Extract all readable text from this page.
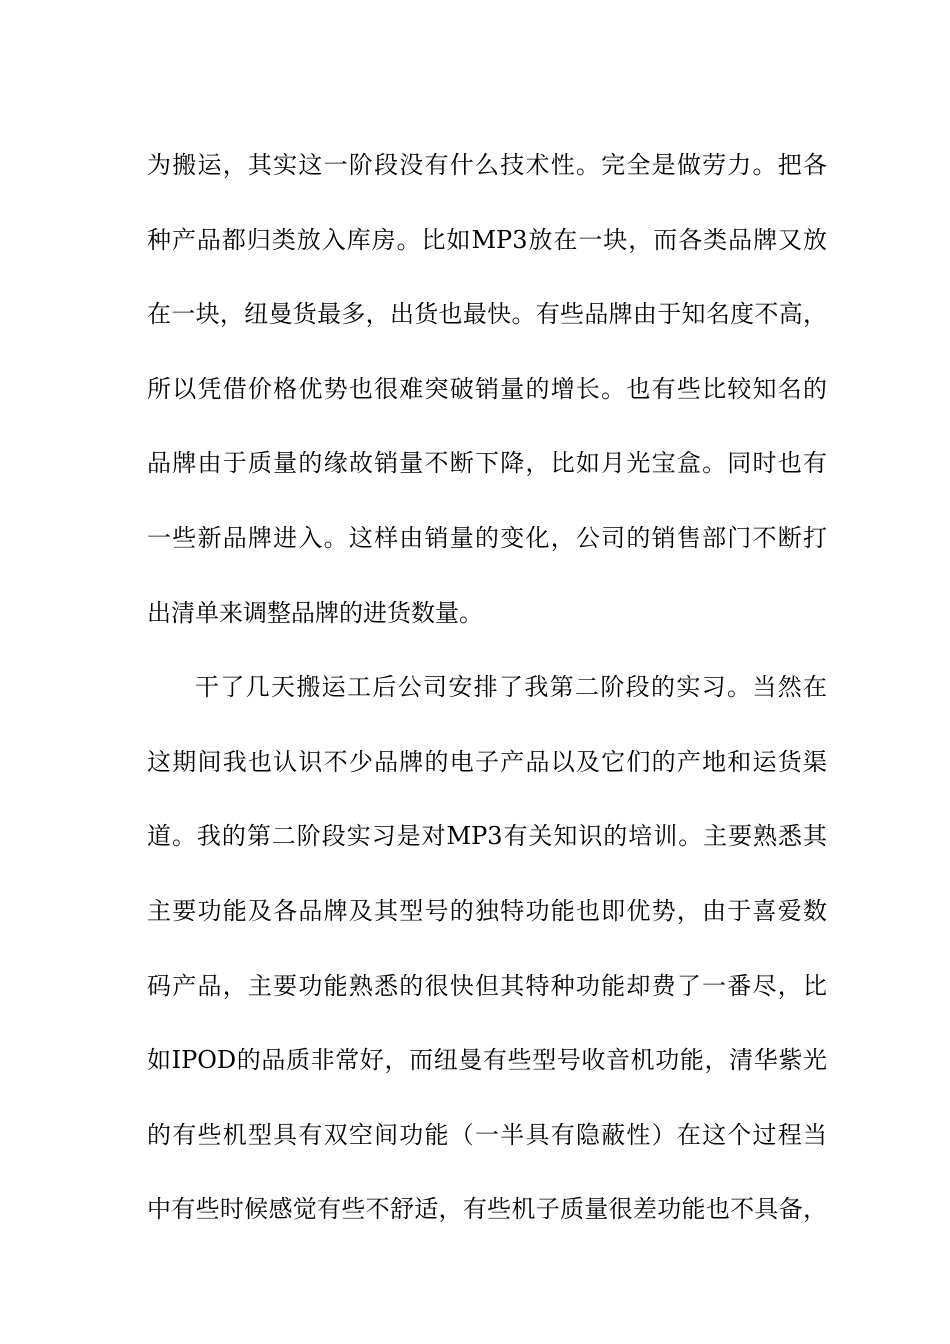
为搬运，其实这一阶段没有什么技术性。完全是做劳力。把各
种产品都归类放入库房。比如MP3放在一块，而各类品牌又放
在一块，纽曼货最多，出货也最快。有些品牌由于知名度不高，
所以凭借价格优势也很难突破销量的增长。也有些比较知名的
品牌由于质量的缘故销量不断下降，比如月光宝盒。同时也有
一些新品牌进入。这样由销量的变化，公司的销售部门不断打
出清单来调整品牌的进货数量。
干了几天搬运工后公司安排了我第二阶段的实习。当然在
这期间我也认识不少品牌的电子产品以及它们的产地和运货渠
道。我的第二阶段实习是对MP3有关知识的培训。主要熟悉其
主要功能及各品牌及其型号的独特功能也即优势，由于喜爱数
码产品，主要功能熟悉的很快但其特种功能却费了一番尽，比
如IPOD的品质非常好，而纽曼有些型号收音机功能，清华紫光
的有些机型具有双空间功能（一半具有隐蔽性）在这个过程当
中有些时候感觉有些不舒适，有些机子质量很差功能也不具备，
